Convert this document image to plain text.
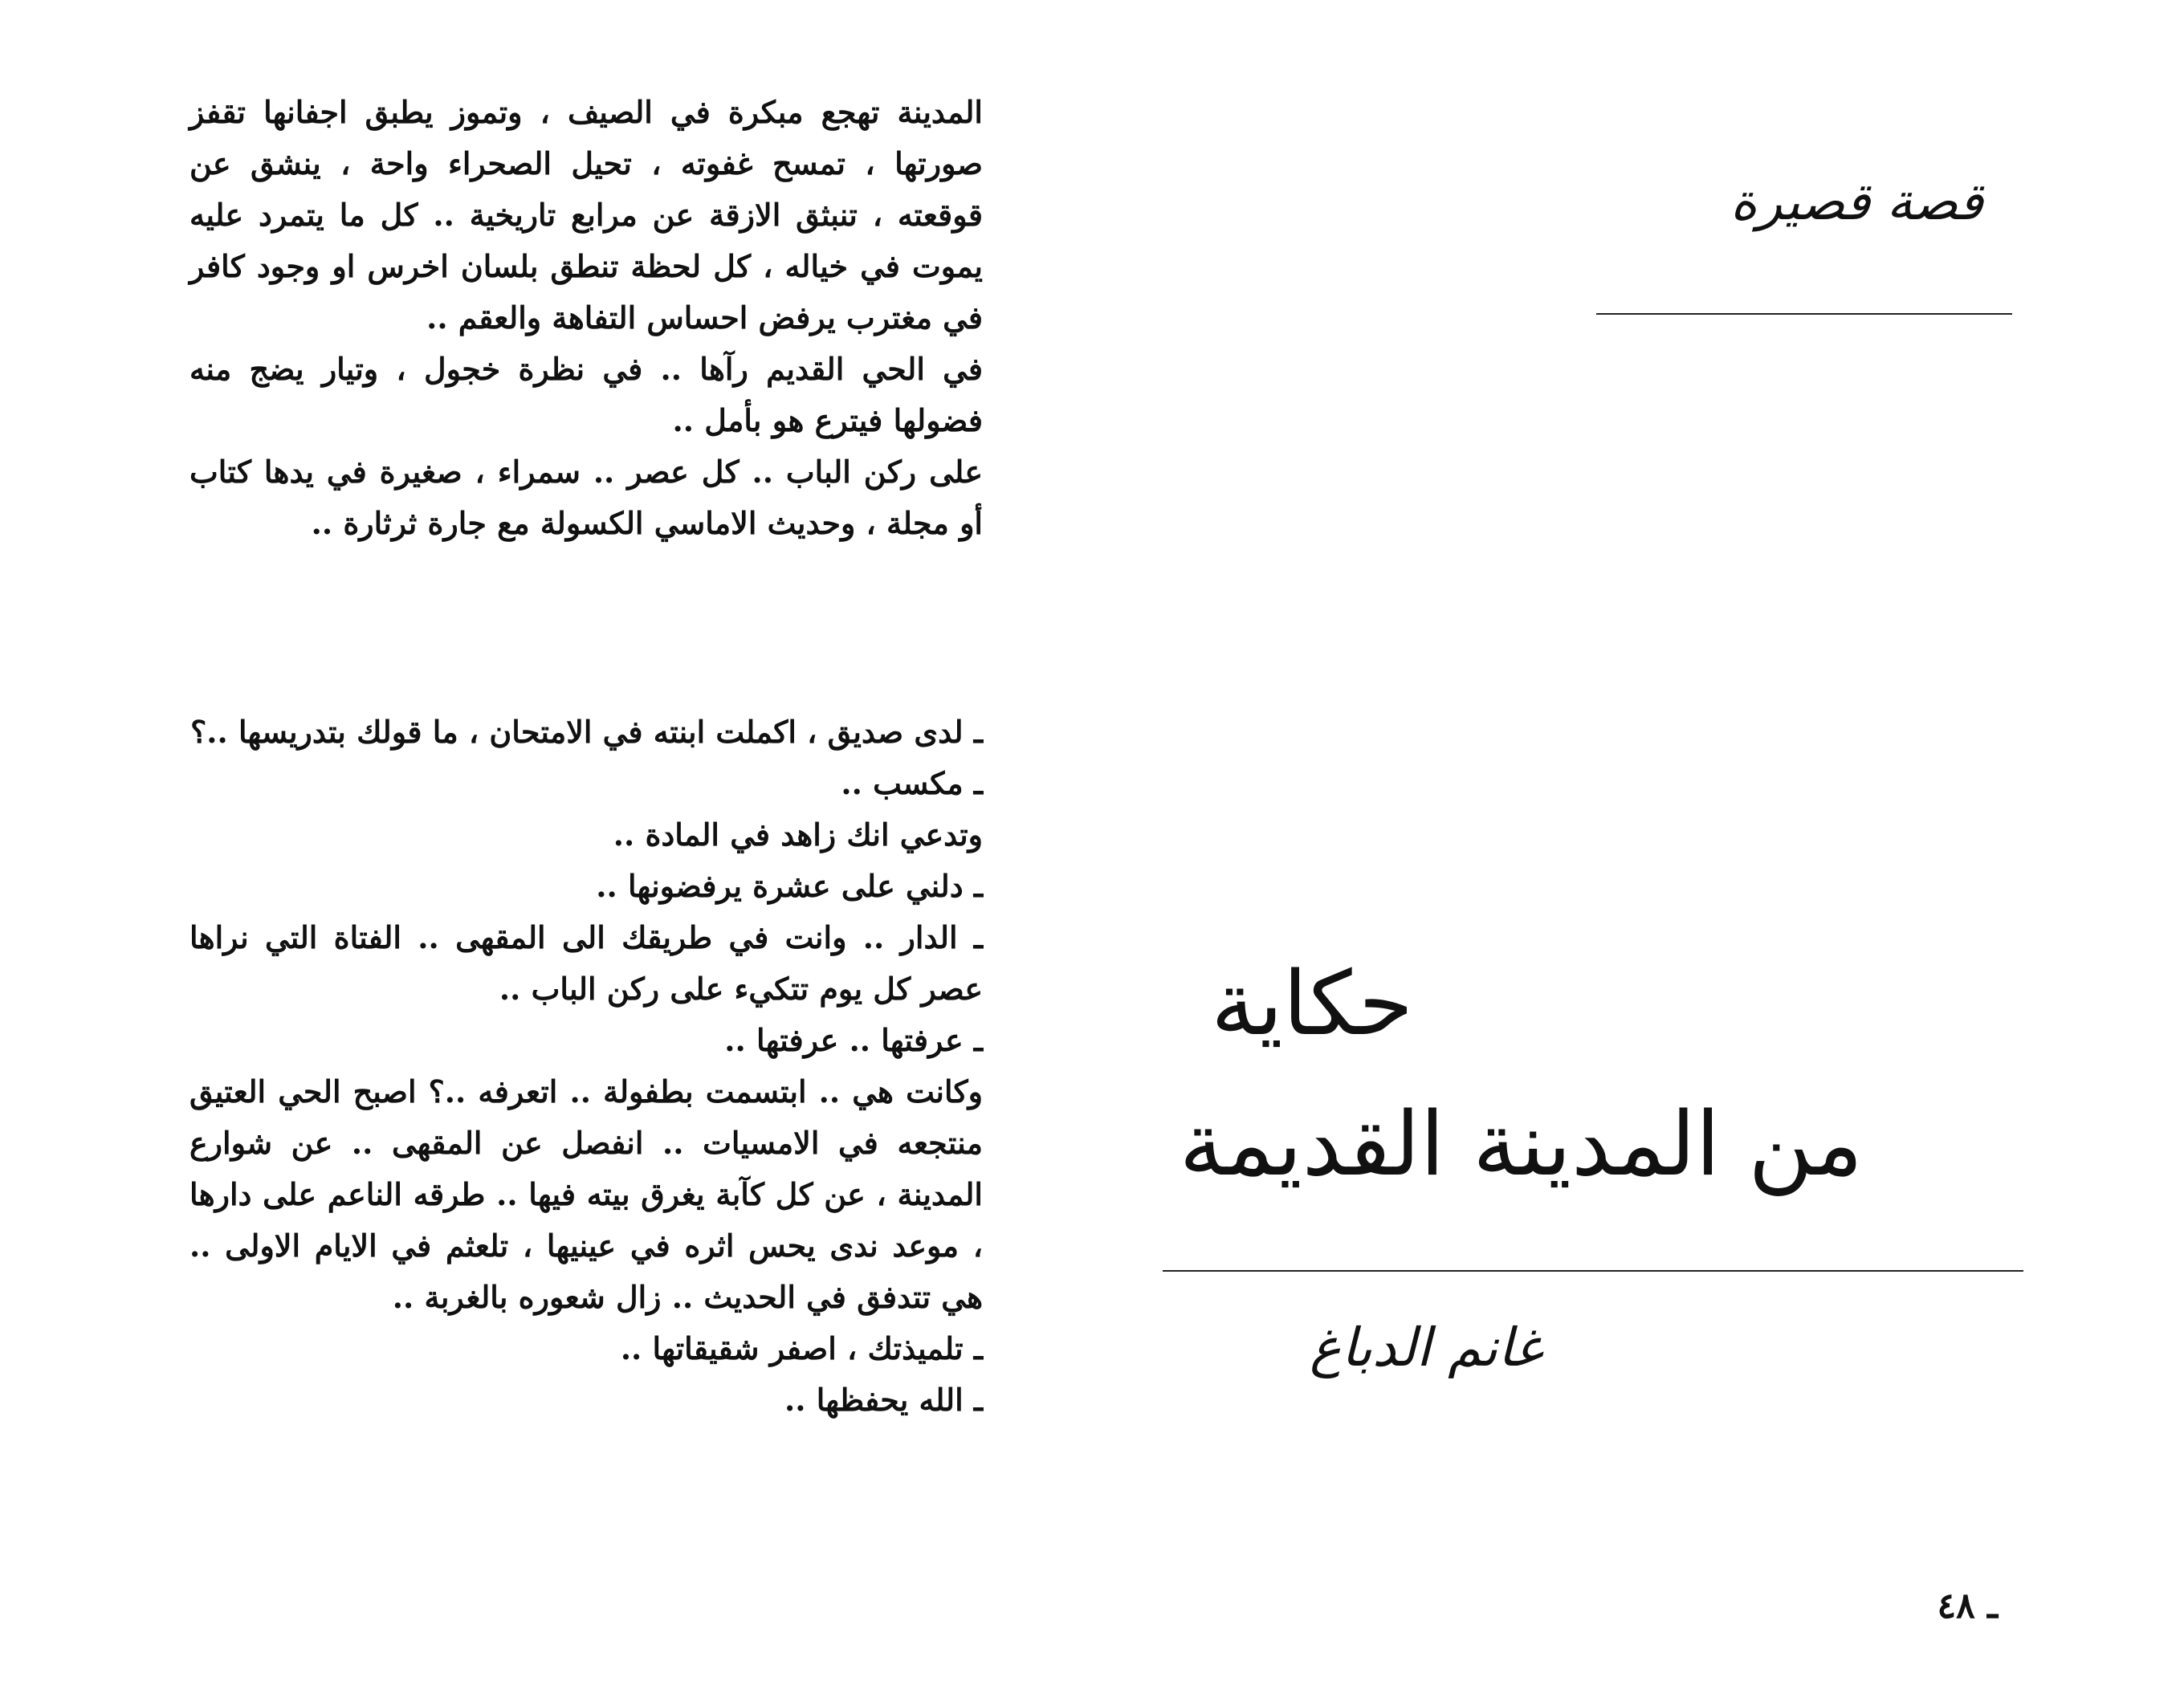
قصة قصيرة
حكاية
من المدينة القديمة
غانم الدباغ

المدينة تهجع مبكرة في الصيف ، وتموز يطبق اجفانها تقفز صورتها ، تمسح غفوته ، تحيل الصحراء واحة ، ينشق عن قوقعته ، تنبثق الازقة عن مرابع تاريخية .. كل ما يتمرد عليه يموت في خياله ، كل لحظة تنطق بلسان اخرس او وجود كافر في مغترب يرفض احساس التفاهة والعقم ..

في الحي القديم رآها .. في نظرة خجول ، وتيار يضج منه فضولها فيترع هو بأمل ..

على ركن الباب .. كل عصر .. سمراء ، صغيرة في يدها كتاب أو مجلة ، وحديث الاماسي الكسولة مع جارة ثرثارة ..

ـ لدى صديق ، اكملت ابنته في الامتحان ، ما قولك بتدريسها ..؟

ـ مكسب ..

وتدعي انك زاهد في المادة ..

ـ دلني على عشرة يرفضونها ..

ـ الدار .. وانت في طريقك الى المقهى .. الفتاة التي نراها عصر كل يوم تتكيء على ركن الباب ..

ـ عرفتها .. عرفتها ..

وكانت هي .. ابتسمت بطفولة .. اتعرفه ..؟ اصبح الحي العتيق منتجعه في الامسيات .. انفصل عن المقهى .. عن شوارع المدينة ، عن كل كآبة يغرق بيته فيها .. طرقه الناعم على دارها ، موعد ندى يحس اثره في عينيها ، تلعثم في الايام الاولى .. هي تتدفق في الحديث .. زال شعوره بالغربة ..

ـ تلميذتك ، اصفر شقيقاتها ..

ـ الله يحفظها ..

ـ ٤٨
